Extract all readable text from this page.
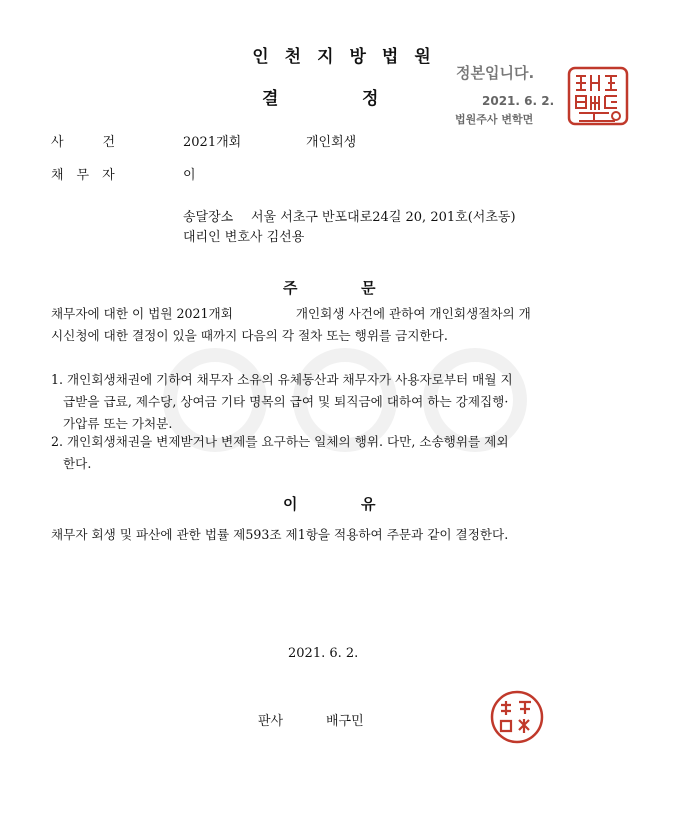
인천지방법원
결	정
정본입니다.
2021. 6. 2.
법원주사 변학면
사　　　건	2021개회	개인회생
채　무　자	이
송달장소 서울 서초구 반포대로24길 20, 201호(서초동)
대리인 변호사 김선용
주	문
채무자에 대한 이 법원 2021개회　　　　　개인회생 사건에 관하여 개인회생절차의 개
시신청에 대한 결정이 있을 때까지 다음의 각 절차 또는 행위를 금지한다.
1. 개인회생채권에 기하여 채무자 소유의 유체동산과 채무자가 사용자로부터 매월 지
급받을 급료, 제수당, 상여금 기타 명목의 급여 및 퇴직금에 대하여 하는 강제집행·
가압류 또는 가처분.
2. 개인회생채권을 변제받거나 변제를 요구하는 일체의 행위. 다만, 소송행위를 제외
한다.
이	유
채무자 회생 및 파산에 관한 법률 제593조 제1항을 적용하여 주문과 같이 결정한다.
2021. 6. 2.
판사	배구민
